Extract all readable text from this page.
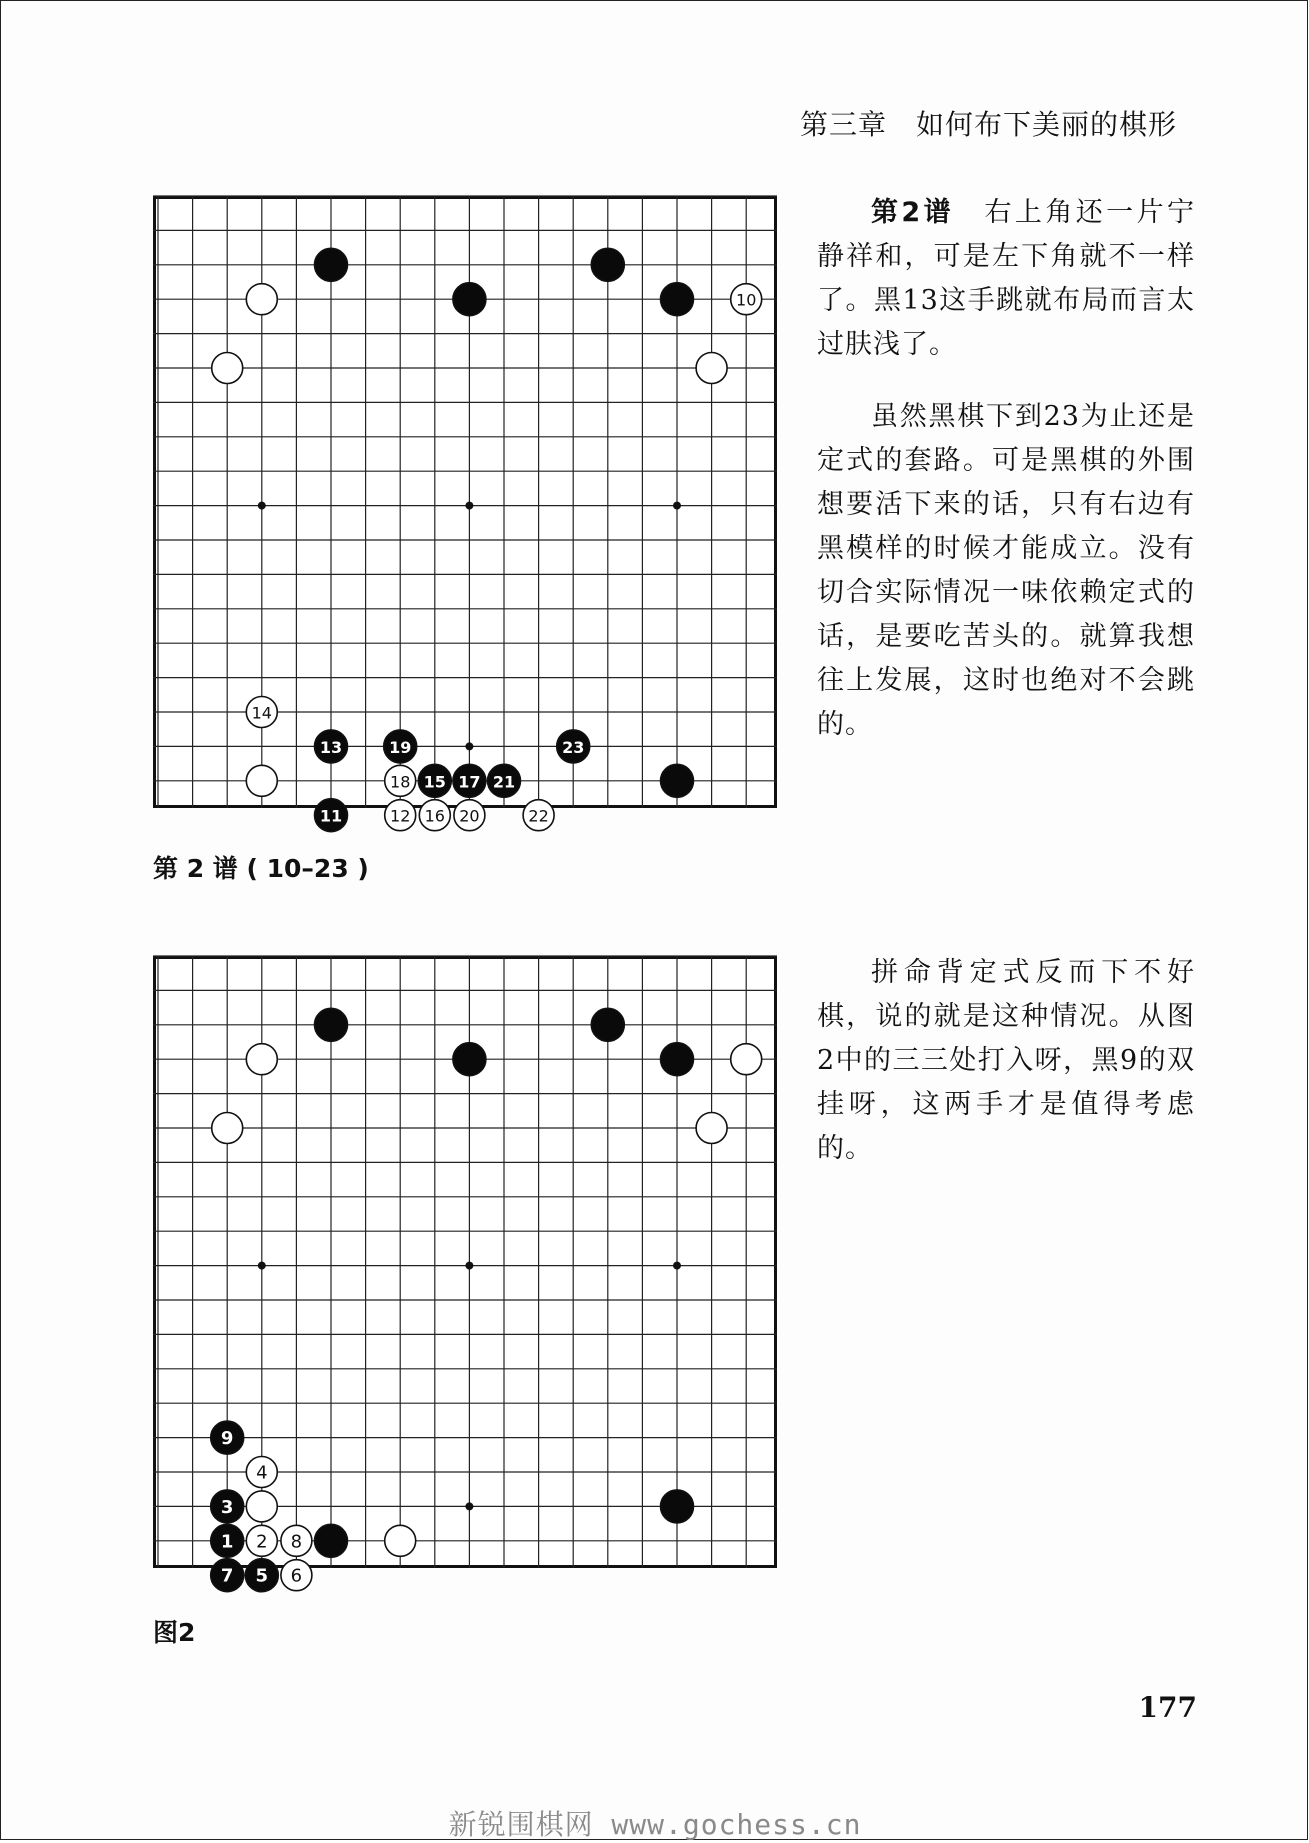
第三章　如何布下美丽的棋形
10
14
13	19	23
18 15 17 21
11	12 16 20	22
第 2 谱 ( 10–23 )

第2谱　右上角还一片宁静祥和，可是左下角就不一样了。黑13这手跳就布局而言太过肤浅了。

虽然黑棋下到23为止还是定式的套路。可是黑棋的外围想要活下来的话，只有右边有黑模样的时候才能成立。没有切合实际情况一味依赖定式的话，是要吃苦头的。就算我想往上发展，这时也绝对不会跳的。

9
4
3
1 2 8
7 5 6
图2

拼命背定式反而下不好棋，说的就是这种情况。从图2中的三三处打入呀，黑9的双挂呀，这两手才是值得考虑的。

177
新锐围棋网 www.gochess.cn
